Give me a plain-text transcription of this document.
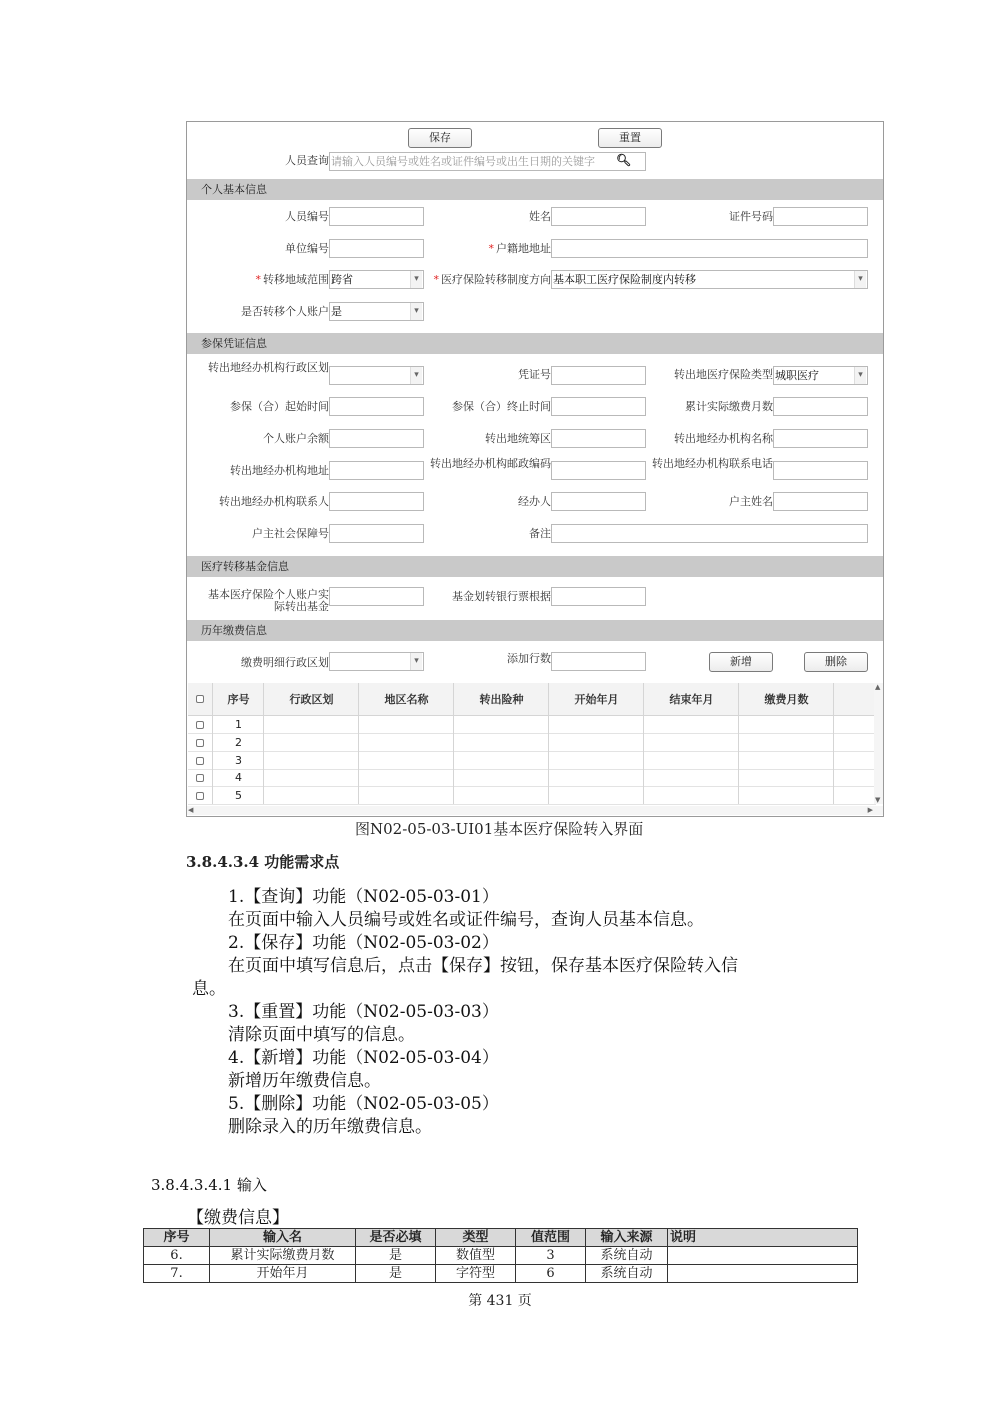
保存	重置
人员查询 请输入人员编号或姓名或证件编号或出生日期的关键字	🔍︎
个人基本信息
人员编号	姓名	证件号码
单位编号	* 户籍地地址
* 转移地域范围 跨省 ▾	* 医疗保险转移制度方向 基本职工医疗保险制度内转移 ▾
是否转移个人账户 是 ▾
参保凭证信息
转出地经办机构行政区划
▾
凭证号	转出地医疗保险类型 城职医疗 ▾
参保（合）起始时间	参保（合）终止时间	累计实际缴费月数
个人账户余额	转出地统筹区	转出地经办机构名称
转出地经办机构地址
转出地经办机构邮政编码	转出地经办机构联系电话
转出地经办机构联系人	经办人	户主姓名
户主社会保障号	备注
医疗转移基金信息
基本医疗保险个人账户实际转出基金
基金划转银行票根据
历年缴费信息
缴费明细行政区划 ▾	添加行数	新增	删除
序号	行政区划	地区名称	转出险种	开始年月	结束年月	缴费月数
1
2
3
4
5
▲
▼
◀	▶
图N02-05-03-UI01基本医疗保险转入界面
3.8.4.3.4 功能需求点
1.【查询】功能（N02-05-03-01）
在页面中输入人员编号或姓名或证件编号，查询人员基本信息。
2.【保存】功能（N02-05-03-02）
在页面中填写信息后，点击【保存】按钮，保存基本医疗保险转入信
息。
3.【重置】功能（N02-05-03-03）
清除页面中填写的信息。
4.【新增】功能（N02-05-03-04）
新增历年缴费信息。
5.【删除】功能（N02-05-03-05）
删除录入的历年缴费信息。
3.8.4.3.4.1 输入
【缴费信息】
序号	输入名	是否必填	类型	值范围	输入来源	说明
6.	累计实际缴费月数	是	数值型	3	系统自动	
7.	开始年月	是	字符型	6	系统自动	
第 431 页
